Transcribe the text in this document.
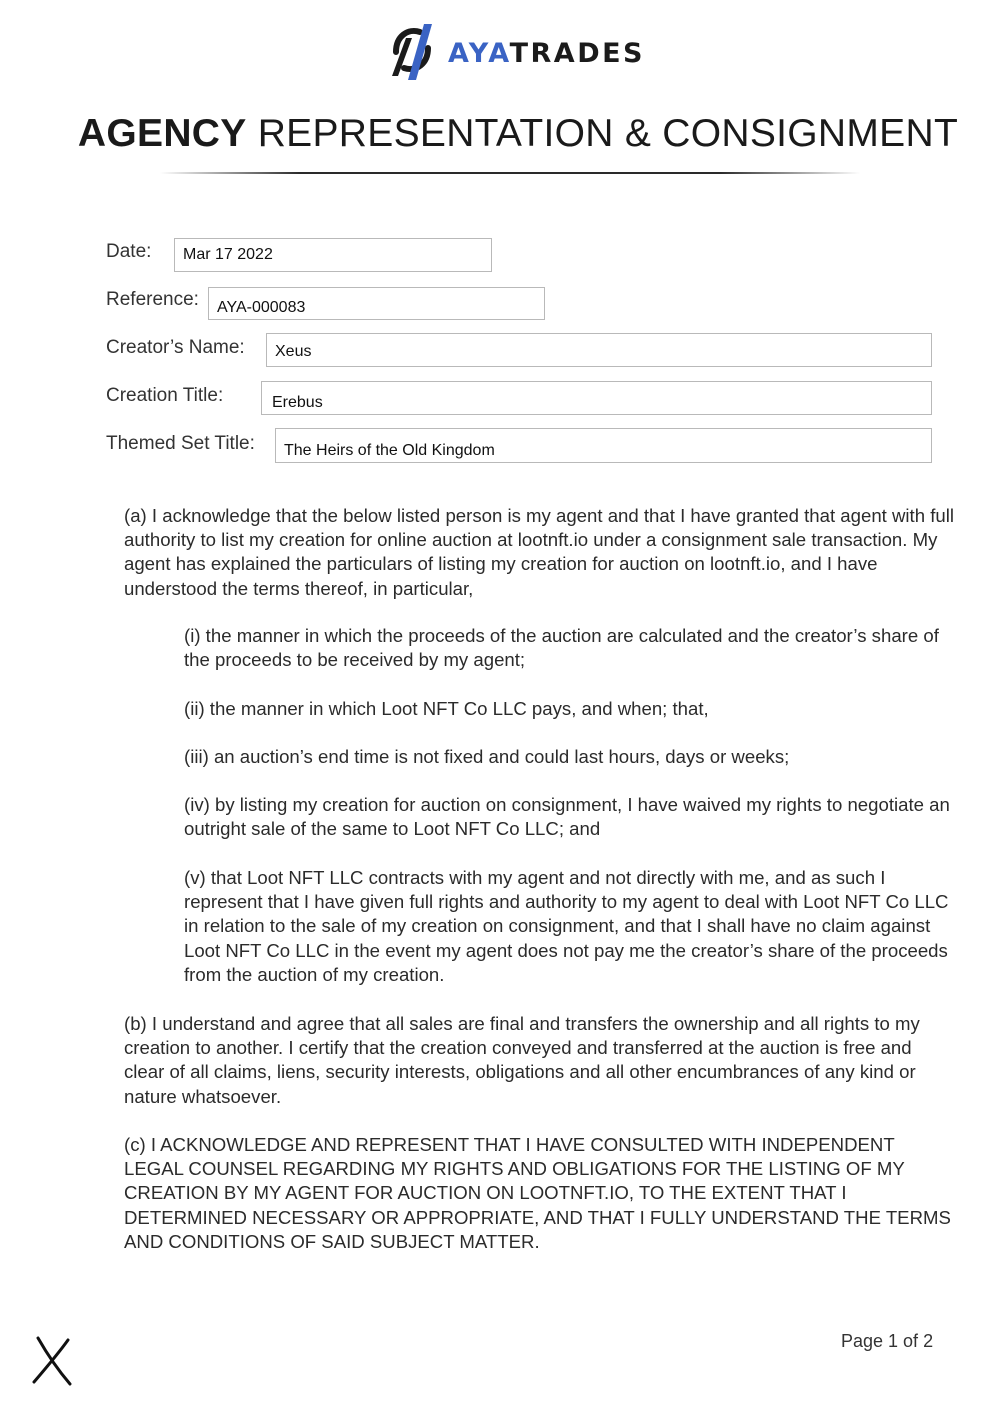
AYATRADES
AGENCY REPRESENTATION & CONSIGNMENT
Date:	Mar 17 2022
Reference:	AYA-000083
Creator’s Name:	Xeus
Creation Title:	Erebus
Themed Set Title:	The Heirs of the Old Kingdom

(a) I acknowledge that the below listed person is my agent and that I have granted that agent with full authority to list my creation for online auction at lootnft.io under a consignment sale transaction. My agent has explained the particulars of listing my creation for auction on lootnft.io, and I have understood the terms thereof, in particular,

(i) the manner in which the proceeds of the auction are calculated and the creator’s share of the proceeds to be received by my agent;

(ii) the manner in which Loot NFT Co LLC pays, and when; that,

(iii) an auction’s end time is not fixed and could last hours, days or weeks;

(iv) by listing my creation for auction on consignment, I have waived my rights to negotiate an outright sale of the same to Loot NFT Co LLC; and

(v) that Loot NFT LLC contracts with my agent and not directly with me, and as such I represent that I have given full rights and authority to my agent to deal with Loot NFT Co LLC in relation to the sale of my creation on consignment, and that I shall have no claim against Loot NFT Co LLC in the event my agent does not pay me the creator’s share of the proceeds from the auction of my creation.

(b) I understand and agree that all sales are final and transfers the ownership and all rights to my creation to another. I certify that the creation conveyed and transferred at the auction is free and clear of all claims, liens, security interests, obligations and all other encumbrances of any kind or nature whatsoever.

(c) I ACKNOWLEDGE AND REPRESENT THAT I HAVE CONSULTED WITH INDEPENDENT LEGAL COUNSEL REGARDING MY RIGHTS AND OBLIGATIONS FOR THE LISTING OF MY CREATION BY MY AGENT FOR AUCTION ON LOOTNFT.IO, TO THE EXTENT THAT I DETERMINED NECESSARY OR APPROPRIATE, AND THAT I FULLY UNDERSTAND THE TERMS AND CONDITIONS OF SAID SUBJECT MATTER.

Page 1 of 2
